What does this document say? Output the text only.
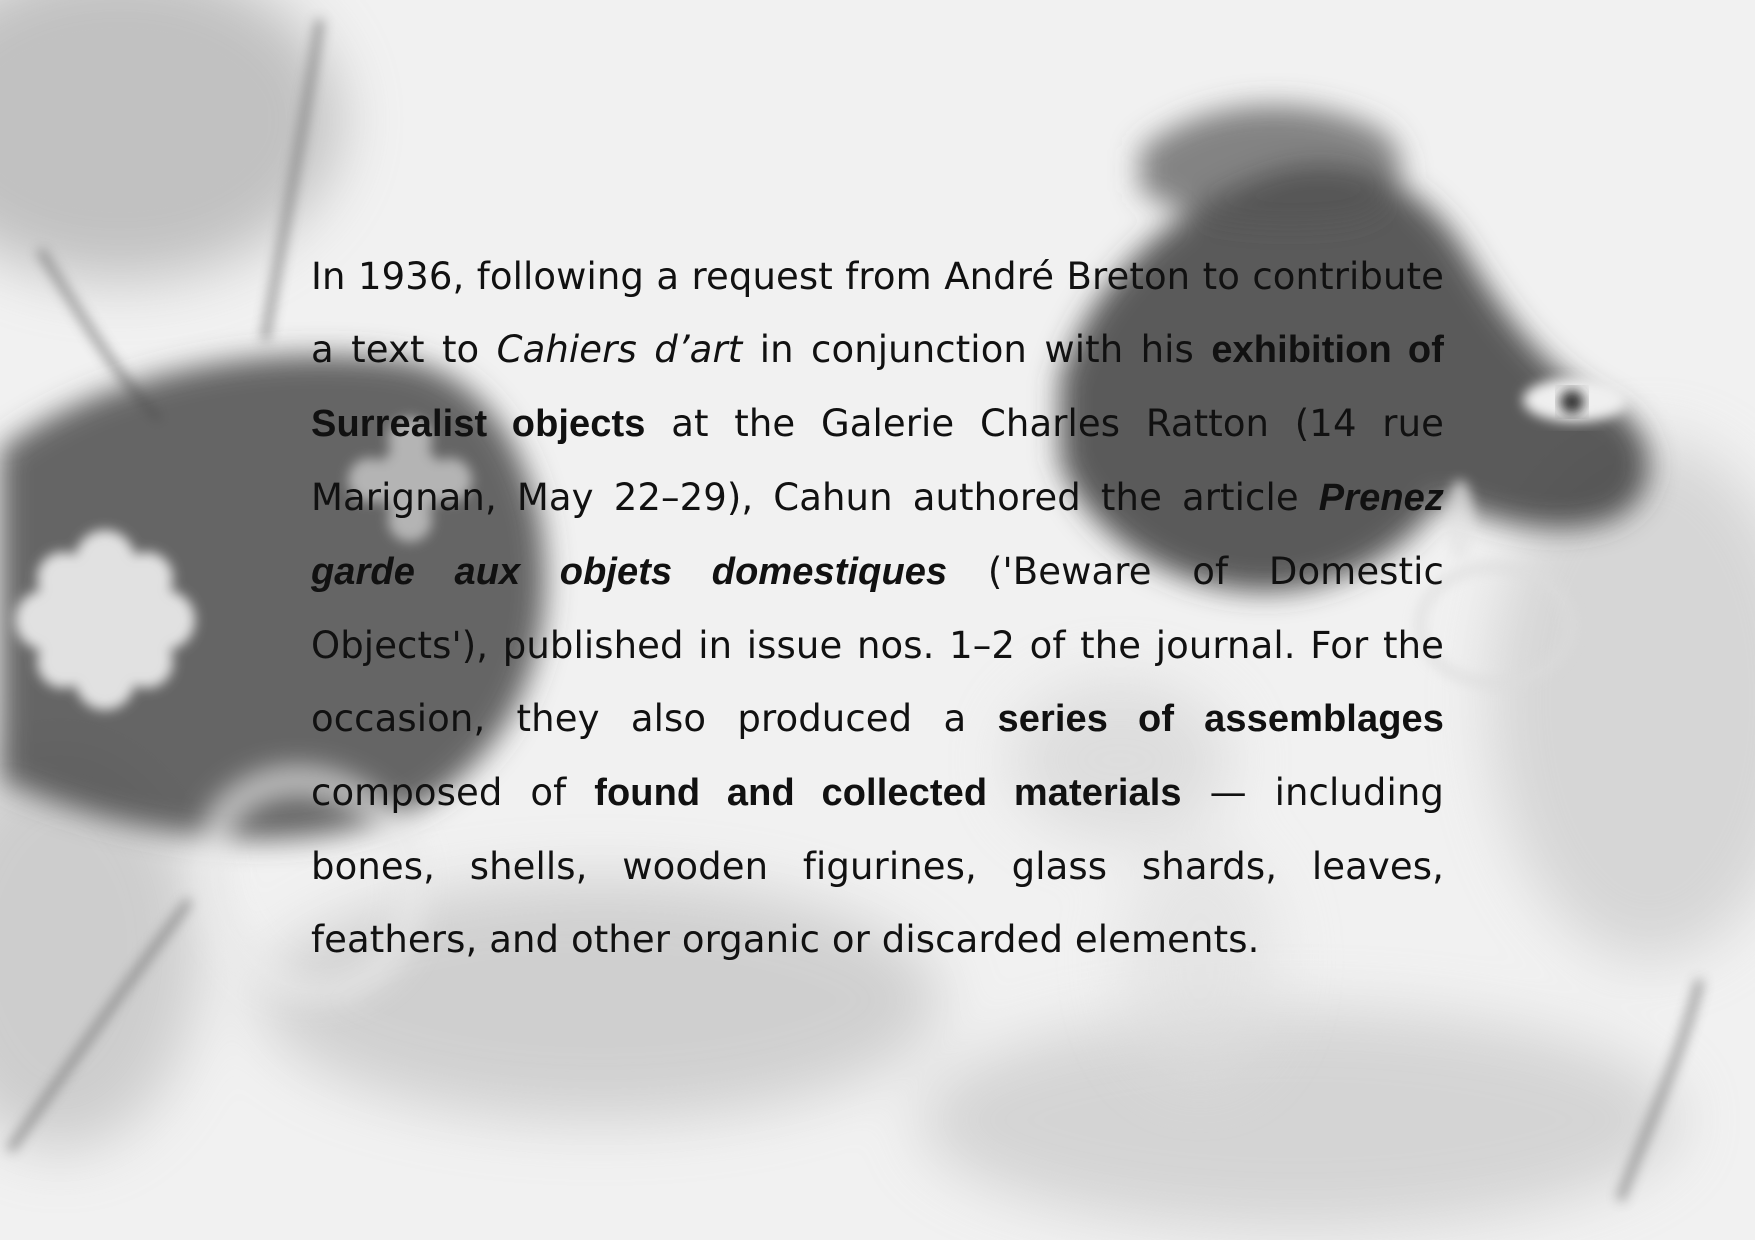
In 1936, following a request from André Breton to contribute a text to Cahiers d’art in conjunction with his exhibition of Surrealist objects at the Galerie Charles Ratton (14 rue Marignan, May 22–29), Cahun authored the article Prenez garde aux objets domestiques ('Beware of Domestic Objects'), published in issue nos. 1–2 of the journal. For the occasion, they also produced a series of assemblages composed of found and collected materials — including bones, shells, wooden figurines, glass shards, leaves, feathers, and other organic or discarded elements.
